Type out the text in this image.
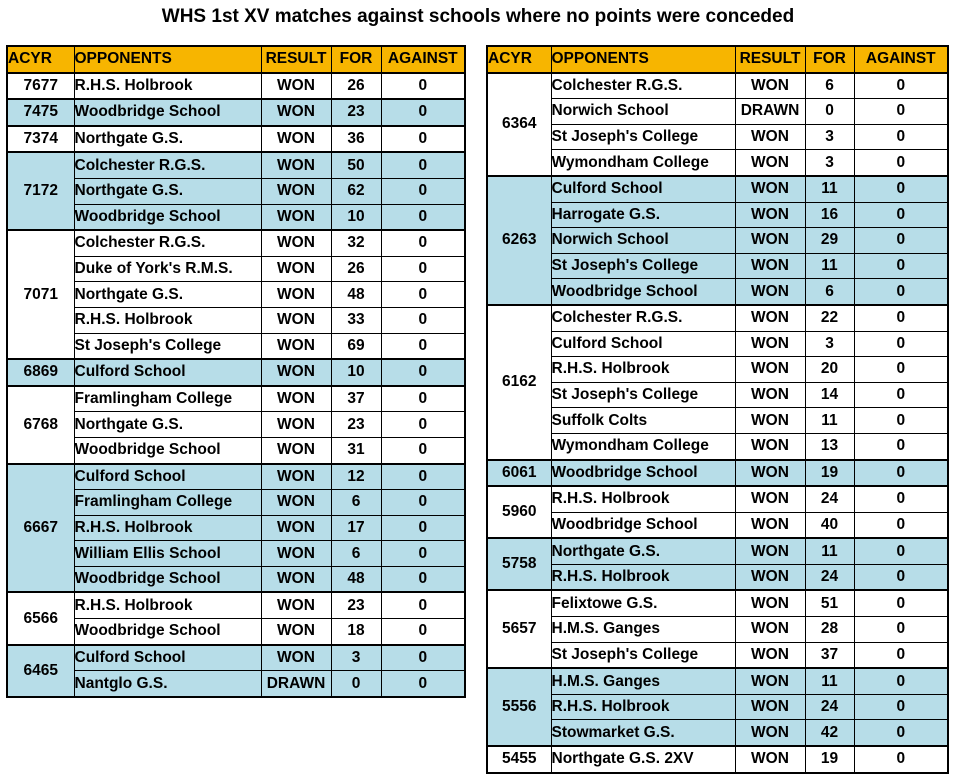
WHS 1st XV matches against schools where no points were conceded
ACYR	OPPONENTS	RESULT	FOR	AGAINST
7677	R.H.S. Holbrook	WON	26	0
7475	Woodbridge School	WON	23	0
7374	Northgate G.S.	WON	36	0
7172	Colchester R.G.S.	WON	50	0
	Northgate G.S.	WON	62	0
	Woodbridge School	WON	10	0
7071	Colchester R.G.S.	WON	32	0
	Duke of York's R.M.S.	WON	26	0
	Northgate G.S.	WON	48	0
	R.H.S. Holbrook	WON	33	0
	St Joseph's College	WON	69	0
6869	Culford School	WON	10	0
6768	Framlingham College	WON	37	0
	Northgate G.S.	WON	23	0
	Woodbridge School	WON	31	0
6667	Culford School	WON	12	0
	Framlingham College	WON	6	0
	R.H.S. Holbrook	WON	17	0
	William Ellis School	WON	6	0
	Woodbridge School	WON	48	0
6566	R.H.S. Holbrook	WON	23	0
	Woodbridge School	WON	18	0
6465	Culford School	WON	3	0
	Nantglo G.S.	DRAWN	0	0
ACYR	OPPONENTS	RESULT	FOR	AGAINST
6364	Colchester R.G.S.	WON	6	0
	Norwich School	DRAWN	0	0
	St Joseph's College	WON	3	0
	Wymondham College	WON	3	0
6263	Culford School	WON	11	0
	Harrogate G.S.	WON	16	0
	Norwich School	WON	29	0
	St Joseph's College	WON	11	0
	Woodbridge School	WON	6	0
6162	Colchester R.G.S.	WON	22	0
	Culford School	WON	3	0
	R.H.S. Holbrook	WON	20	0
	St Joseph's College	WON	14	0
	Suffolk Colts	WON	11	0
	Wymondham College	WON	13	0
6061	Woodbridge School	WON	19	0
5960	R.H.S. Holbrook	WON	24	0
	Woodbridge School	WON	40	0
5758	Northgate G.S.	WON	11	0
	R.H.S. Holbrook	WON	24	0
5657	Felixtowe G.S.	WON	51	0
	H.M.S. Ganges	WON	28	0
	St Joseph's College	WON	37	0
5556	H.M.S. Ganges	WON	11	0
	R.H.S. Holbrook	WON	24	0
	Stowmarket G.S.	WON	42	0
5455	Northgate G.S. 2XV	WON	19	0
